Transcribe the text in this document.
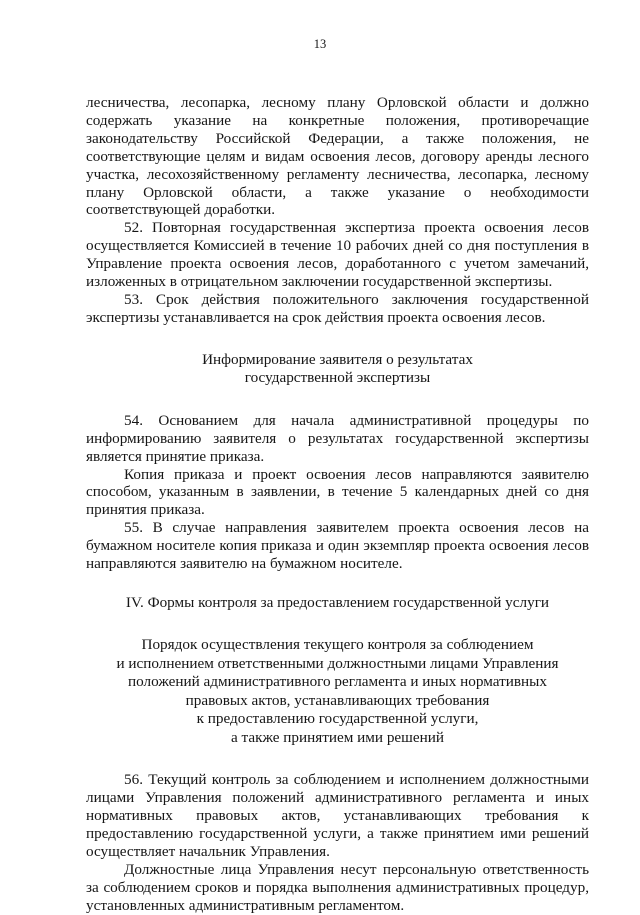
13

лесничества, лесопарка, лесному плану Орловской области и должно содержать указание на конкретные положения, противоречащие законодательству Российской Федерации, а также положения, не соответствующие целям и видам освоения лесов, договору аренды лесного участка, лесохозяйственному регламенту лесничества, лесопарка, лесному плану Орловской области, а также указание о необходимости соответствующей доработки.

52. Повторная государственная экспертиза проекта освоения лесов осуществляется Комиссией в течение 10 рабочих дней со дня поступления в Управление проекта освоения лесов, доработанного с учетом замечаний, изложенных в отрицательном заключении государственной экспертизы.

53. Срок действия положительного заключения государственной экспертизы устанавливается на срок действия проекта освоения лесов.

Информирование заявителя о результатах
государственной экспертизы

54. Основанием для начала административной процедуры по информированию заявителя о результатах государственной экспертизы является принятие приказа.

Копия приказа и проект освоения лесов направляются заявителю способом, указанным в заявлении, в течение 5 календарных дней со дня принятия приказа.

55. В случае направления заявителем проекта освоения лесов на бумажном носителе копия приказа и один экземпляр проекта освоения лесов направляются заявителю на бумажном носителе.

IV. Формы контроля за предоставлением государственной услуги

Порядок осуществления текущего контроля за соблюдением
и исполнением ответственными должностными лицами Управления
положений административного регламента и иных нормативных
правовых актов, устанавливающих требования
к предоставлению государственной услуги,
а также принятием ими решений

56. Текущий контроль за соблюдением и исполнением должностными лицами Управления положений административного регламента и иных нормативных правовых актов, устанавливающих требования к предоставлению государственной услуги, а также принятием ими решений осуществляет начальник Управления.

Должностные лица Управления несут персональную ответственность за соблюдением сроков и порядка выполнения административных процедур, установленных административным регламентом.
